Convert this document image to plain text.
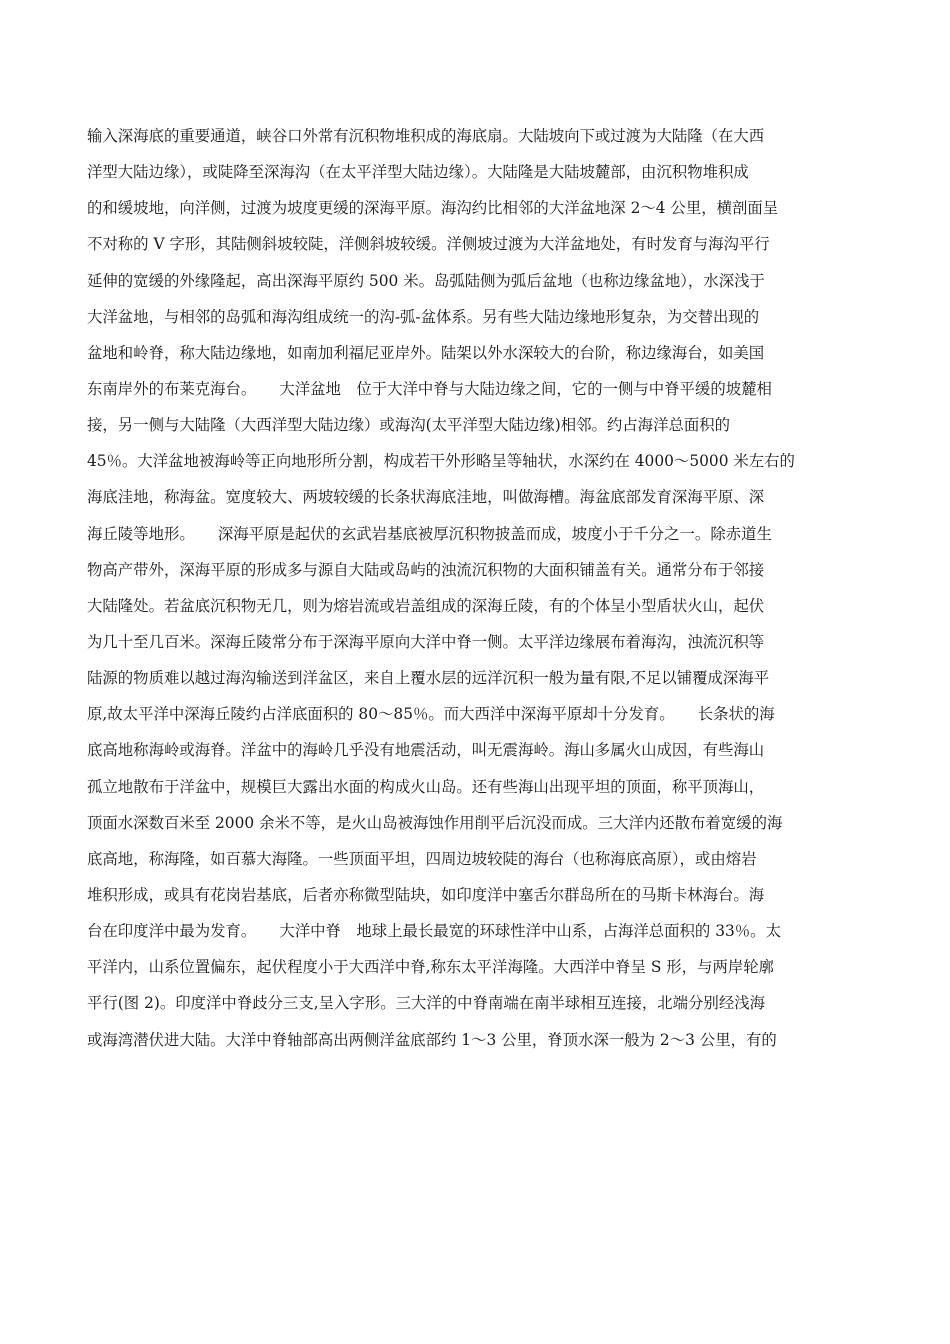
输入深海底的重要通道，峡谷口外常有沉积物堆积成的海底扇。大陆坡向下或过渡为大陆隆（在大西
洋型大陆边缘），或陡降至深海沟（在太平洋型大陆边缘）。大陆隆是大陆坡麓部，由沉积物堆积成
的和缓坡地，向洋侧，过渡为坡度更缓的深海平原。海沟约比相邻的大洋盆地深 2～4 公里，横剖面呈
不对称的 V 字形，其陆侧斜坡较陡，洋侧斜坡较缓。洋侧坡过渡为大洋盆地处，有时发育与海沟平行
延伸的宽缓的外缘隆起，高出深海平原约 500 米。岛弧陆侧为弧后盆地（也称边缘盆地），水深浅于
大洋盆地，与相邻的岛弧和海沟组成统一的沟-弧-盆体系。另有些大陆边缘地形复杂，为交替出现的
盆地和岭脊，称大陆边缘地，如南加利福尼亚岸外。陆架以外水深较大的台阶，称边缘海台，如美国
东南岸外的布莱克海台。　　大洋盆地　位于大洋中脊与大陆边缘之间，它的一侧与中脊平缓的坡麓相
接，另一侧与大陆隆（大西洋型大陆边缘）或海沟(太平洋型大陆边缘)相邻。约占海洋总面积的
45％。大洋盆地被海岭等正向地形所分割，构成若干外形略呈等轴状，水深约在 4000～5000 米左右的
海底洼地，称海盆。宽度较大、两坡较缓的长条状海底洼地，叫做海槽。海盆底部发育深海平原、深
海丘陵等地形。　　深海平原是起伏的玄武岩基底被厚沉积物披盖而成，坡度小于千分之一。除赤道生
物高产带外，深海平原的形成多与源自大陆或岛屿的浊流沉积物的大面积铺盖有关。通常分布于邻接
大陆隆处。若盆底沉积物无几，则为熔岩流或岩盖组成的深海丘陵，有的个体呈小型盾状火山，起伏
为几十至几百米。深海丘陵常分布于深海平原向大洋中脊一侧。太平洋边缘展布着海沟，浊流沉积等
陆源的物质难以越过海沟输送到洋盆区，来自上覆水层的远洋沉积一般为量有限,不足以铺覆成深海平
原,故太平洋中深海丘陵约占洋底面积的 80～85％。而大西洋中深海平原却十分发育。　　长条状的海
底高地称海岭或海脊。洋盆中的海岭几乎没有地震活动，叫无震海岭。海山多属火山成因，有些海山
孤立地散布于洋盆中，规模巨大露出水面的构成火山岛。还有些海山出现平坦的顶面，称平顶海山，
顶面水深数百米至 2000 余米不等，是火山岛被海蚀作用削平后沉没而成。三大洋内还散布着宽缓的海
底高地，称海隆，如百慕大海隆。一些顶面平坦，四周边坡较陡的海台（也称海底高原），或由熔岩
堆积形成，或具有花岗岩基底，后者亦称微型陆块，如印度洋中塞舌尔群岛所在的马斯卡林海台。海
台在印度洋中最为发育。　　大洋中脊　地球上最长最宽的环球性洋中山系，占海洋总面积的 33％。太
平洋内，山系位置偏东，起伏程度小于大西洋中脊,称东太平洋海隆。大西洋中脊呈 S 形，与两岸轮廓
平行(图 2)。印度洋中脊歧分三支,呈入字形。三大洋的中脊南端在南半球相互连接，北端分别经浅海
或海湾潜伏进大陆。大洋中脊轴部高出两侧洋盆底部约 1～3 公里，脊顶水深一般为 2～3 公里，有的
